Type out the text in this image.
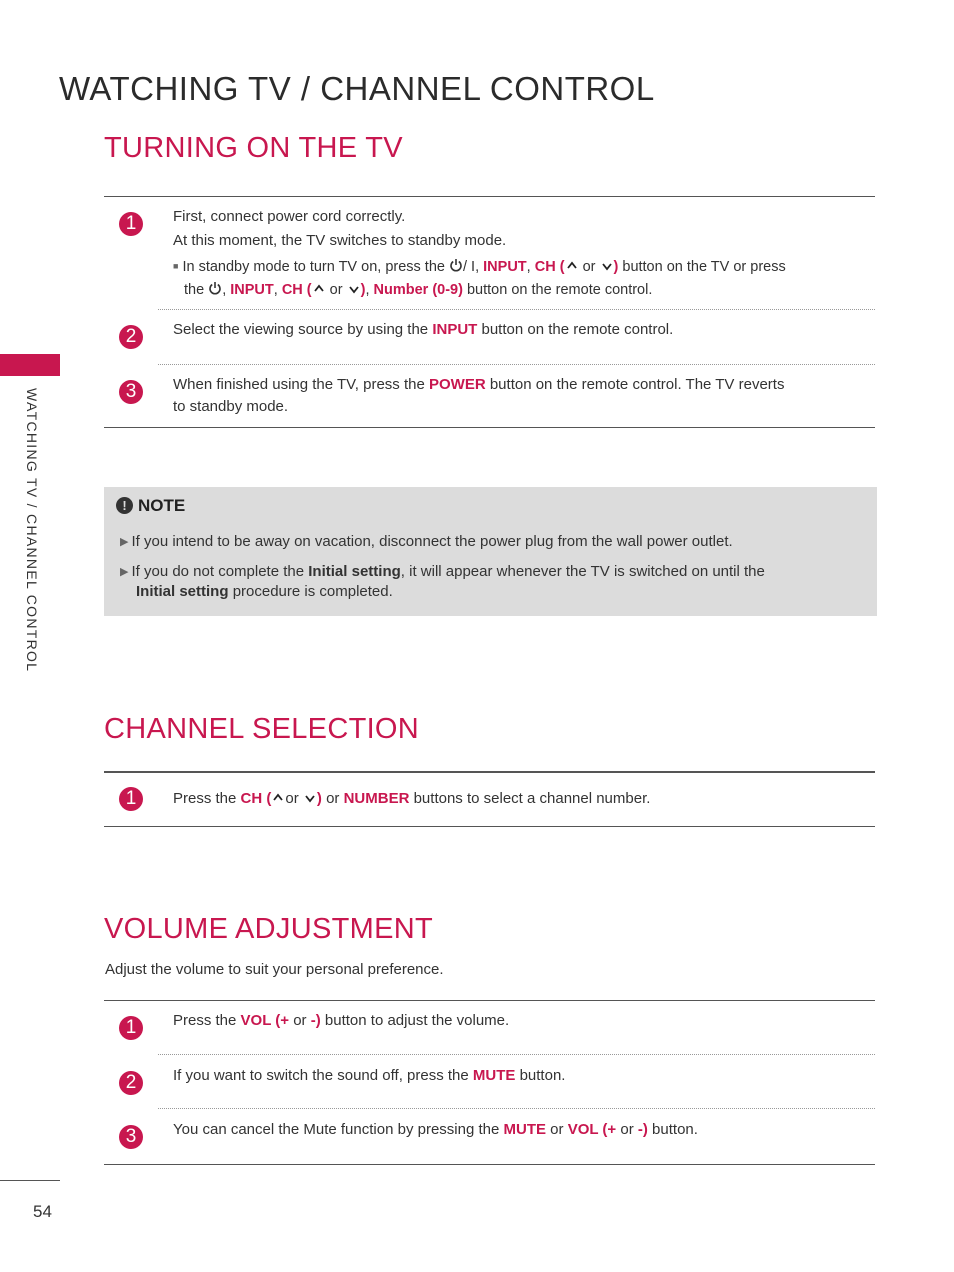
WATCHING TV / CHANNEL CONTROL
WATCHING TV / CHANNEL CONTROL
54
TURNING ON THE TV
1	First, connect power cord correctly.
At this moment, the TV switches to standby mode.
■ In standby mode to turn TV on, press the / I, INPUT, CH ( or ) button on the TV or press
the , INPUT, CH ( or ), Number (0-9) button on the remote control.
2	Select the viewing source by using the INPUT button on the remote control.
3	When finished using the TV, press the POWER button on the remote control. The TV reverts
to standby mode.
! NOTE
▶ If you intend to be away on vacation, disconnect the power plug from the wall power outlet.
▶ If you do not complete the Initial setting, it will appear whenever the TV is switched on until the
Initial setting procedure is completed.
CHANNEL SELECTION
1	Press the CH ( or ) or NUMBER buttons to select a channel number.
VOLUME ADJUSTMENT
Adjust the volume to suit your personal preference.
1	Press the VOL (+ or -) button to adjust the volume.
2	If you want to switch the sound off, press the MUTE button.
3	You can cancel the Mute function by pressing the MUTE or VOL (+ or -) button.
